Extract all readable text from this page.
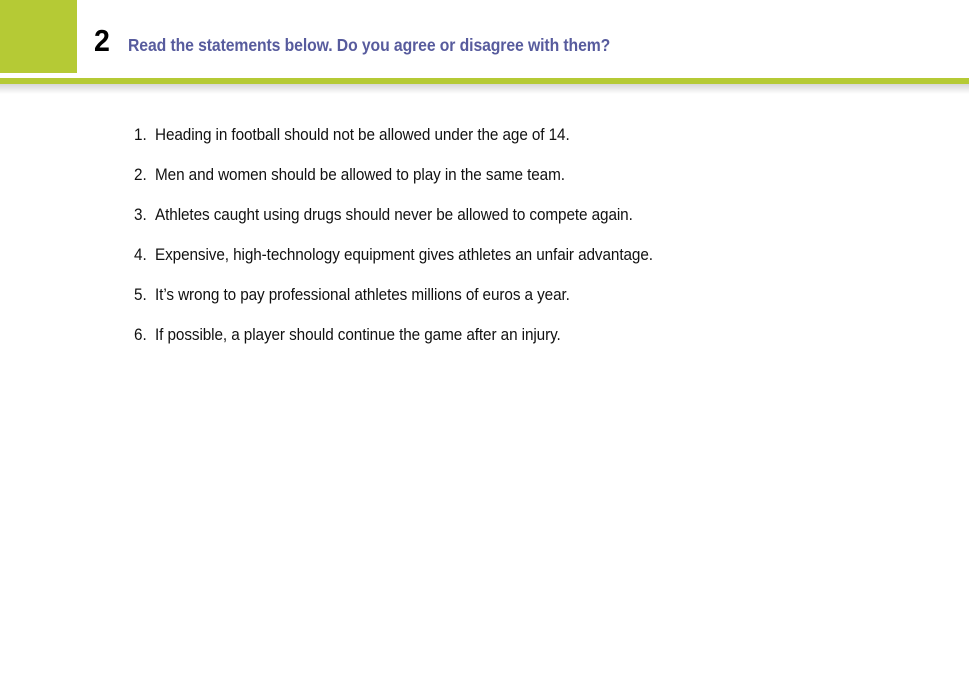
2 Read the statements below. Do you agree or disagree with them?
1. Heading in football should not be allowed under the age of 14.
2. Men and women should be allowed to play in the same team.
3. Athletes caught using drugs should never be allowed to compete again.
4. Expensive, high-technology equipment gives athletes an unfair advantage.
5. It’s wrong to pay professional athletes millions of euros a year.
6. If possible, a player should continue the game after an injury.
